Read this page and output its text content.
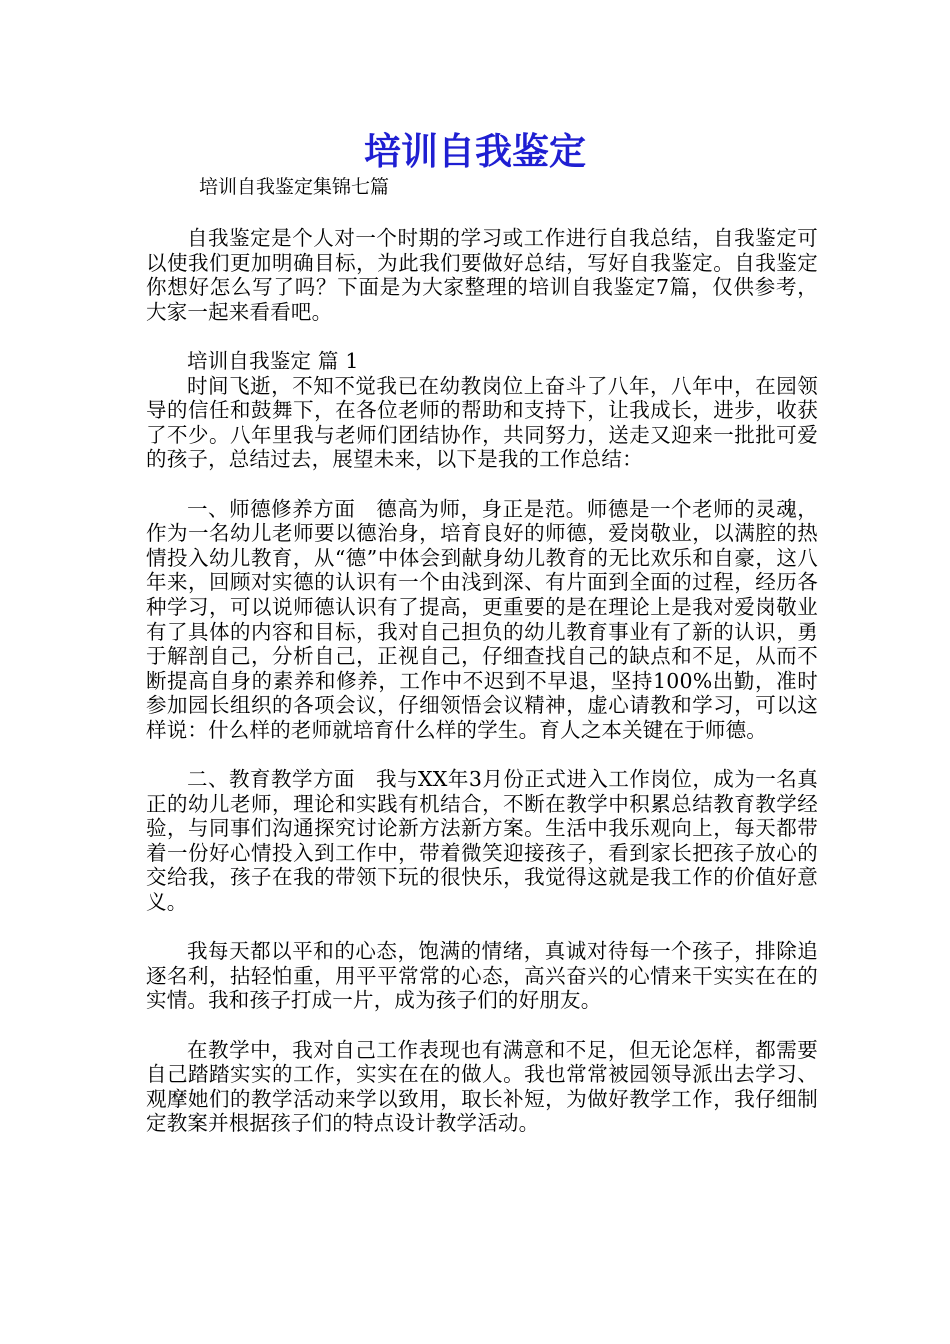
培训自我鉴定

培训自我鉴定集锦七篇

自我鉴定是个人对一个时期的学习或工作进行自我总结，自我鉴定可以使我们更加明确目标，为此我们要做好总结，写好自我鉴定。自我鉴定你想好怎么写了吗？下面是为大家整理的培训自我鉴定7篇，仅供参考，大家一起来看看吧。

培训自我鉴定 篇 1

时间飞逝，不知不觉我已在幼教岗位上奋斗了八年，八年中，在园领导的信任和鼓舞下，在各位老师的帮助和支持下，让我成长，进步，收获了不少。八年里我与老师们团结协作，共同努力，送走又迎来一批批可爱的孩子，总结过去，展望未来，以下是我的工作总结：

一、师德修养方面　德高为师，身正是范。师德是一个老师的灵魂，作为一名幼儿老师要以德治身，培育良好的师德，爱岗敬业，以满腔的热情投入幼儿教育，从“德”中体会到献身幼儿教育的无比欢乐和自豪，这八年来，回顾对实德的认识有一个由浅到深、有片面到全面的过程，经历各种学习，可以说师德认识有了提高，更重要的是在理论上是我对爱岗敬业有了具体的内容和目标，我对自己担负的幼儿教育事业有了新的认识，勇于解剖自己，分析自己，正视自己，仔细查找自己的缺点和不足，从而不断提高自身的素养和修养，工作中不迟到不早退，坚持100%出勤，准时参加园长组织的各项会议，仔细领悟会议精神，虚心请教和学习，可以这样说：什么样的老师就培育什么样的学生。育人之本关键在于师德。

二、教育教学方面　我与XX年3月份正式进入工作岗位，成为一名真正的幼儿老师，理论和实践有机结合，不断在教学中积累总结教育教学经验，与同事们沟通探究讨论新方法新方案。生活中我乐观向上，每天都带着一份好心情投入到工作中，带着微笑迎接孩子，看到家长把孩子放心的交给我，孩子在我的带领下玩的很快乐，我觉得这就是我工作的价值好意义。

我每天都以平和的心态，饱满的情绪，真诚对待每一个孩子，排除追逐名利，拈轻怕重，用平平常常的心态，高兴奋兴的心情来干实实在在的实情。我和孩子打成一片，成为孩子们的好朋友。

在教学中，我对自己工作表现也有满意和不足，但无论怎样，都需要自己踏踏实实的工作，实实在在的做人。我也常常被园领导派出去学习、观摩她们的教学活动来学以致用，取长补短，为做好教学工作，我仔细制定教案并根据孩子们的特点设计教学活动。
